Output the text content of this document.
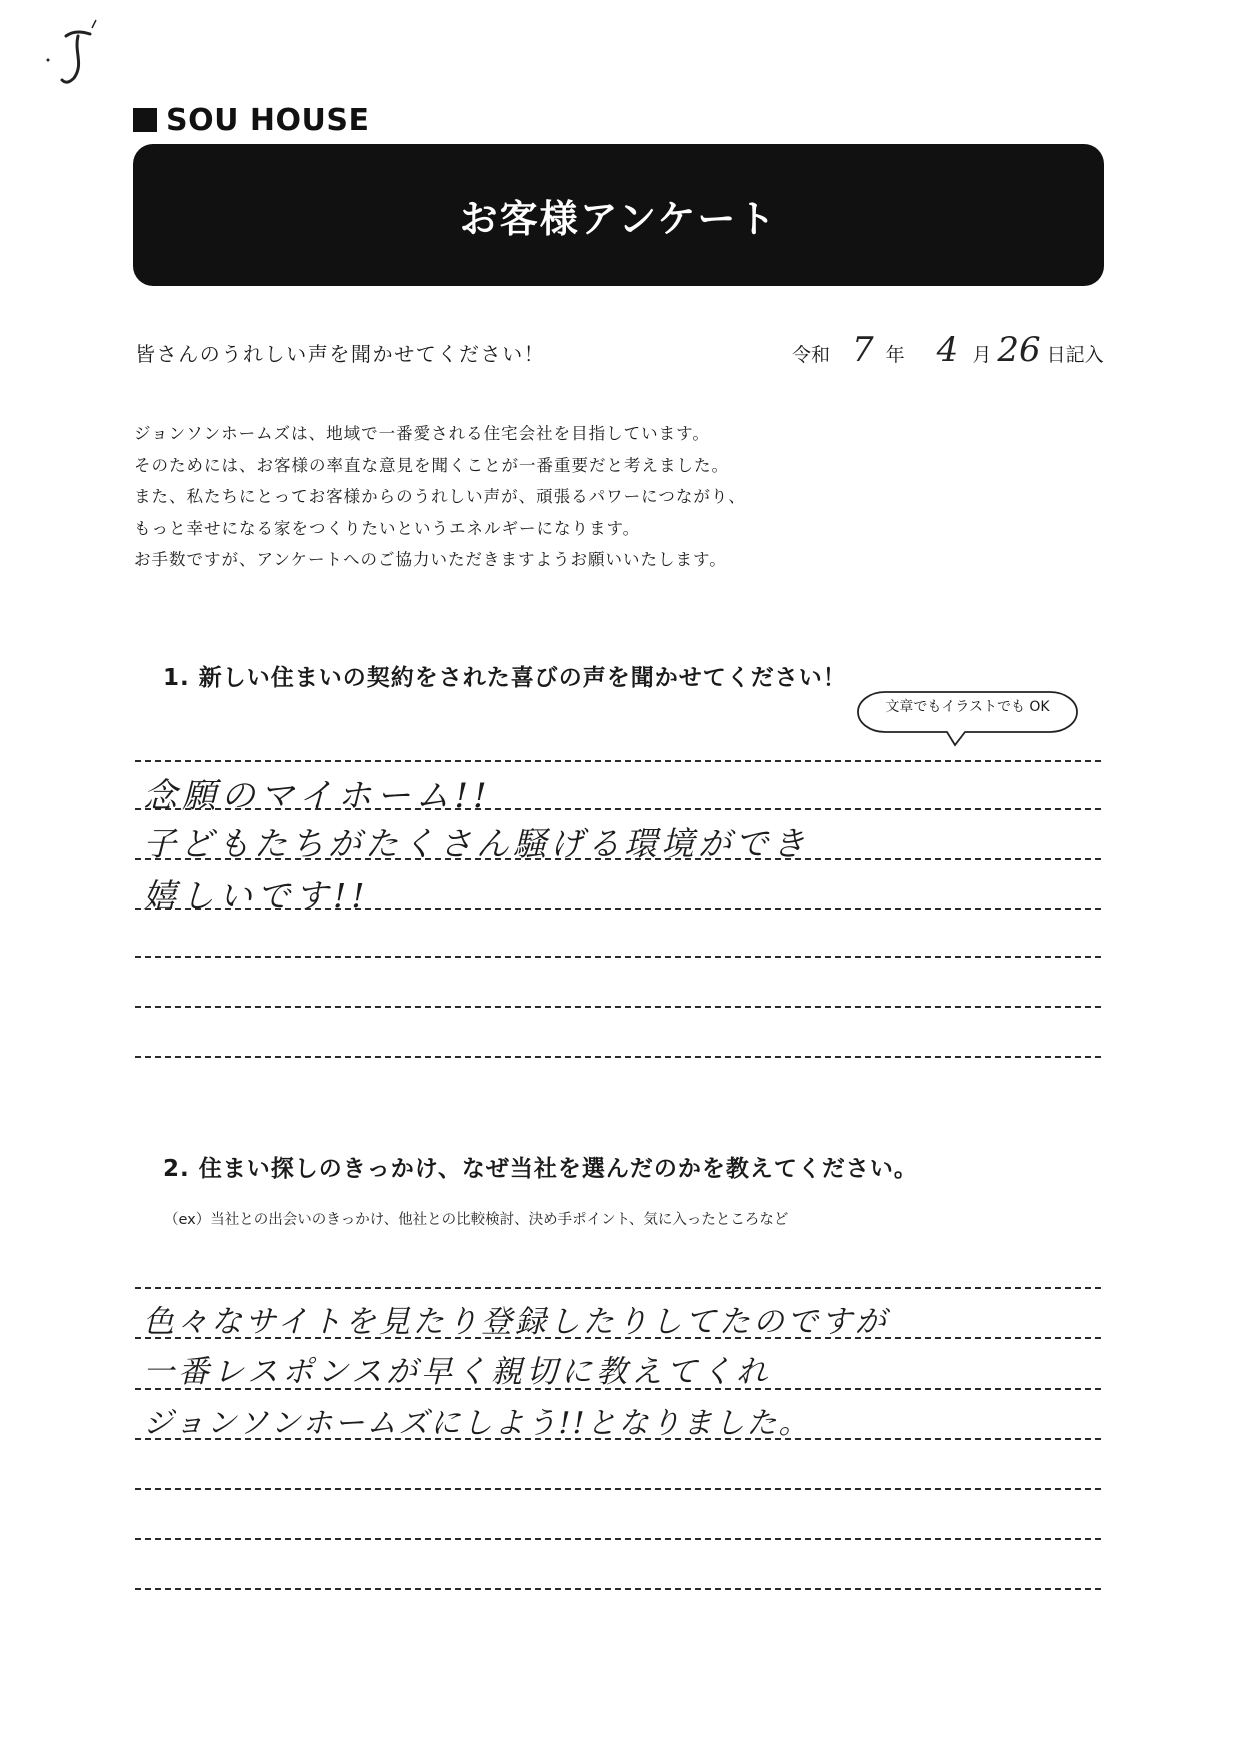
SOU HOUSE
お客様アンケート
皆さんのうれしい声を聞かせてください！	令和 7 年 4 月 26 日記入
ジョンソンホームズは、地域で一番愛される住宅会社を目指しています。
そのためには、お客様の率直な意見を聞くことが一番重要だと考えました。
また、私たちにとってお客様からのうれしい声が、頑張るパワーにつながり、
もっと幸せになる家をつくりたいというエネルギーになります。
お手数ですが、アンケートへのご協力いただきますようお願いいたします。
1. 新しい住まいの契約をされた喜びの声を聞かせてください！
文章でもイラストでも OK
念願のマイホーム!!
子どもたちがたくさん騒げる環境ができ
嬉しいです!!
2. 住まい探しのきっかけ、なぜ当社を選んだのかを教えてください。
（ex）当社との出会いのきっかけ、他社との比較検討、決め手ポイント、気に入ったところなど
色々なサイトを見たり登録したりしてたのですが
一番レスポンスが早く親切に教えてくれ
ジョンソンホームズにしよう!!となりました。
